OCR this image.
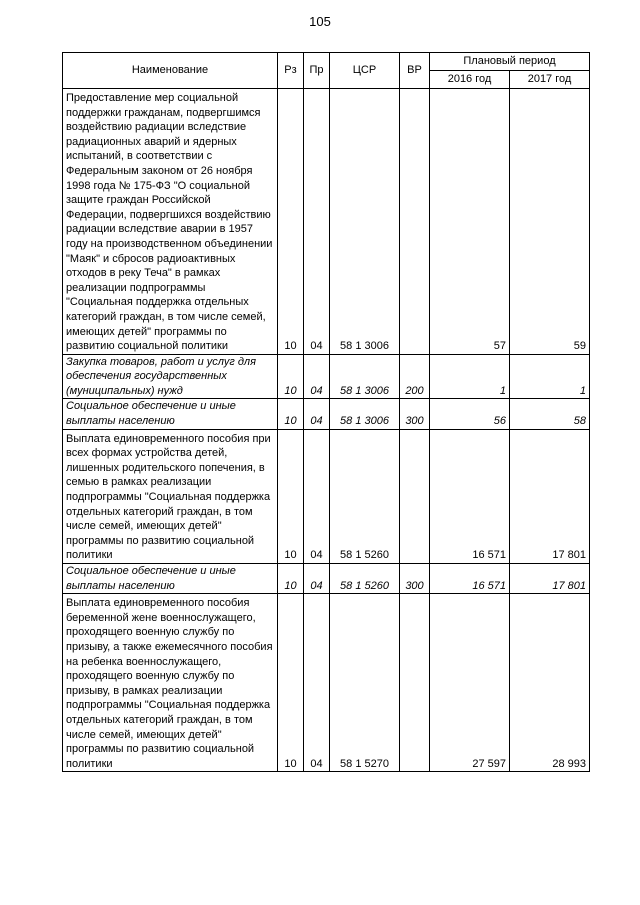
105
Наименование	Рз	Пр	ЦСР	ВР	Плановый период	
					2016 год	2017 год
Предоставление мер социальной поддержки гражданам, подвергшимся воздействию радиации вследствие радиационных аварий и ядерных испытаний, в соответствии с Федеральным законом от 26 ноября 1998 года № 175-ФЗ "О социальной защите граждан Российской Федерации, подвергшихся воздействию радиации вследствие аварии в 1957 году на производственном объединении "Маяк" и сбросов радиоактивных отходов в реку Теча" в рамках реализации подпрограммы "Социальная поддержка отдельных категорий граждан, в том числе семей, имеющих детей" программы по развитию социальной политики	10	04	58 1 3006		57	59
Закупка товаров, работ и услуг для обеспечения государственных (муниципальных) нужд	10	04	58 1 3006	200	1	1
Социальное обеспечение и иные выплаты населению	10	04	58 1 3006	300	56	58
Выплата единовременного пособия при всех формах устройства детей, лишенных родительского попечения, в семью в рамках реализации подпрограммы "Социальная поддержка отдельных категорий граждан, в том числе семей, имеющих детей" программы по развитию социальной политики	10	04	58 1 5260		16 571	17 801
Социальное обеспечение и иные выплаты населению	10	04	58 1 5260	300	16 571	17 801
Выплата единовременного пособия беременной жене военнослужащего, проходящего военную службу по призыву, а также ежемесячного пособия на ребенка военнослужащего, проходящего военную службу по призыву, в рамках реализации подпрограммы "Социальная поддержка отдельных категорий граждан, в том числе семей, имеющих детей" программы по развитию социальной политики	10	04	58 1 5270		27 597	28 993
